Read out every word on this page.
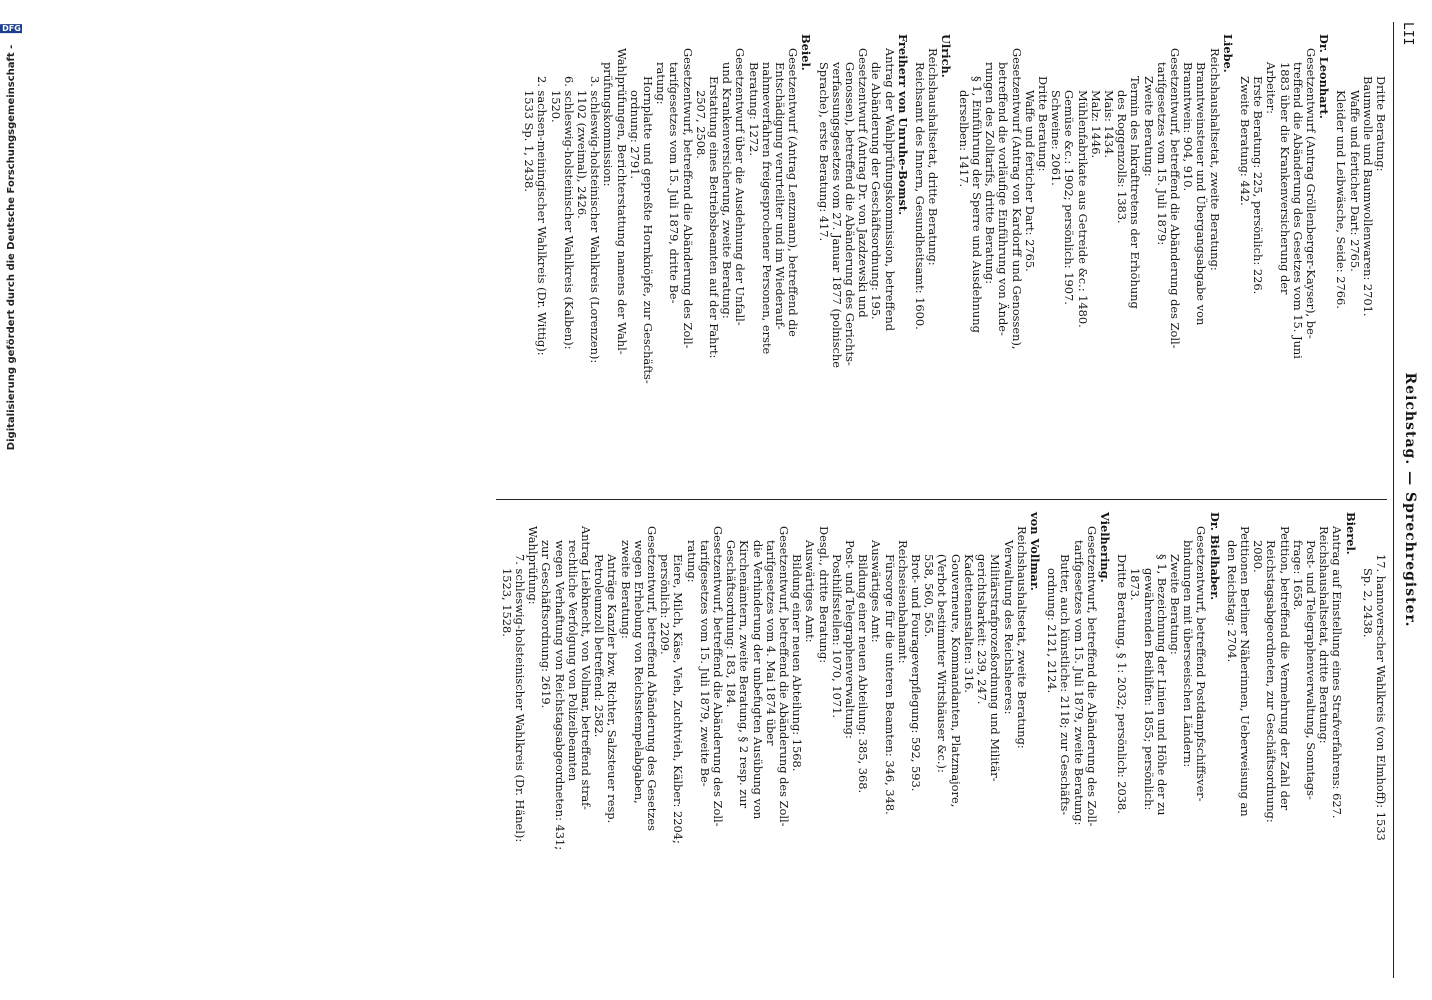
Digitalisierung gefördert durch die Deutsche Forschungsgemeinschaft -
DFG	LII
Reichstag. — Sprechregister.
Dritte Beratung:
Baumwolle und Baumwollenwaren: 2701.
Waffe und ferticher Dart: 2765.
Kleider und Leibwäsche, Seide: 2766.
Dr. Leonhart.
Gesetzentwurf (Antrag Gröllenberger-Kayser), be-
treffend die Abänderung des Gesetzes vom 15. Juni
1883 über die Krankenversicherung der
Arbeiter:
Erste Beratung: 225, persönlich: 226.
Zweite Beratung: 442.
Liebe.
Reichshaushaltsetat, zweite Beratung:
Branntweinsteuer und Übergangsabgabe von
Branntwein: 904, 910.
Gesetzentwurf, betreffend die Abänderung des Zoll-
tarifgesetzes vom 15. Juli 1879:
Zweite Beratung:
Termin des Inkrafttretens der Erhöhung
des Roggenzolls: 1383.
Mais: 1434.
Malz: 1446.
Mühlenfabrikate aus Getreide &c.: 1480.
Gemüse &c.: 1902; persönlich: 1907.
Schweine: 2061.
Dritte Beratung:
Waffe und ferticher Dart: 2765.
Gesetzentwurf (Antrag von Kardorff und Genossen),
betreffend die vorläufige Einführung von Ände-
rungen des Zolltarifs, dritte Beratung:
§ 1, Einführung der Sperre und Ausdehnung
derselben: 1417.
Ulrich.
Reichshaushaltsetat, dritte Beratung:
Reichsamt des Innern, Gesundheitsamt: 1600.
Freiherr von Unruhe-Bomst.
Antrag der Wahlprüfungskommission, betreffend
die Abänderung der Geschäftsordnung: 195.
Gesetzentwurf (Antrag Dr. von Jazdzewski und
Genossen), betreffend die Abänderung des Gerichts-
verfassungsgesetzes vom 27. Januar 1877 (polnische
Sprache), erste Beratung: 417.
Beiel.
Gesetzentwurf (Antrag Lenzmann), betreffend die
Entschädigung verurteilter und im Wiederauf-
nahmeverfahren freigesprochener Personen, erste
Beratung: 1272.
Gesetzentwurf über die Ausdehnung der Unfall-
und Krankenversicherung, zweite Beratung:
Erstattung eines Betriebsbeamten auf der Fahrt:
2507, 2508.
Gesetzentwurf, betreffend die Abänderung des Zoll-
tarifgesetzes vom 15. Juli 1879, dritte Be-
ratung:
Hornplatte und gepreßte Hornknöpfe, zur Geschäfts-
ordnung: 2791.
Wahlprüfungen, Berichterstattung namens der Wahl-
prüfungskommission:
3. schleswig-holsteinischer Wahlkreis (Lorenzen):
1102 (zweimal), 2426.
6. schleswig-holsteinischer Wahlkreis (Kalben):
1520.
2. sachsen-meiningischer Wahlkreis (Dr. Wittig):
1533 Sp. 1, 2438.
17. hannoverscher Wahlkreis (von Elmhoff): 1533
Sp. 2, 2438.
Bierel.
Antrag auf Einstellung eines Strafverfahrens: 627.
Reichshaushaltsetat, dritte Beratung:
Post- und Telegraphenverwaltung, Sonntags-
frage: 1658.
Petition, betreffend die Vermehrung der Zahl der
Reichstagsabgeordneten, zur Geschäftsordnung:
2080.
Petitionen Berliner Näherinnen, Ueberweisung an
den Reichstag: 2704.
Dr. Bielhaber.
Gesetzentwurf, betreffend Postdampfschiffsver-
bindungen mit überseeischen Ländern:
Zweite Beratung:
§ 1, Bezeichnung der Linien und Höhe der zu
gewährenden Beihilfen: 1855; persönlich:
1873.
Dritte Beratung, § 1: 2032; persönlich: 2038.
Vielhering.
Gesetzentwurf, betreffend die Abänderung des Zoll-
tarifgesetzes vom 15. Juli 1879, zweite Beratung:
Butter, auch künstliche: 2118; zur Geschäfts-
ordnung: 2121, 2124.
von Vollmar.
Reichshaushaltsetat, zweite Beratung:
Verwaltung des Reichsheeres:
Militärstrafprozeßordnung und Militär-
gerichtsbarkeit: 239, 247.
Kadettenanstalten: 316.
Gouverneure, Kommandanten, Platzmajore,
(Verbot bestimmter Wirtshäuser &c.):
558, 560, 565.
Brot- und Fourageverpflegung: 592, 593.
Reichseisenbahnamt:
Fürsorge für die unteren Beamten: 346, 348.
Auswärtiges Amt:
Bildung einer neuen Abteilung: 385, 368.
Post- und Telegraphenverwaltung:
Posthilfsstellen: 1070, 1071.
Desgl., dritte Beratung:
Auswärtiges Amt:
Bildung einer neuen Abteilung: 1568.
Gesetzentwurf, betreffend die Abänderung des Zoll-
tarifgesetzes vom 4. Mai 1874 über
die Verhinderung der unbefugten Ausübung von
Kirchenämtern, zweite Beratung, § 2 resp. zur
Geschäftsordnung: 183, 184.
Gesetzentwurf, betreffend die Abänderung des Zoll-
tarifgesetzes vom 15. Juli 1879, zweite Be-
ratung:
Eiere, Milch, Käse, Vieh, Zuchtvieh, Kälber: 2204;
persönlich: 2209.
Gesetzentwurf, betreffend Abänderung des Gesetzes
wegen Erhebung von Reichsstempelabgaben,
zweite Beratung:
Anträge Kanzler bzw. Richter, Salzsteuer resp.
Petroleumzoll betreffend: 2582.
Antrag Liebknecht, von Vollmar, betreffend straf-
rechtliche Verfolgung von Polizeibeamten
wegen Verhaftung von Reichstagsabgeordneten: 431;
zur Geschäftsordnung: 2619.
Wahlprüfung:
7. schleswig-holsteinischer Wahlkreis (Dr. Hänel):
1523, 1528.
